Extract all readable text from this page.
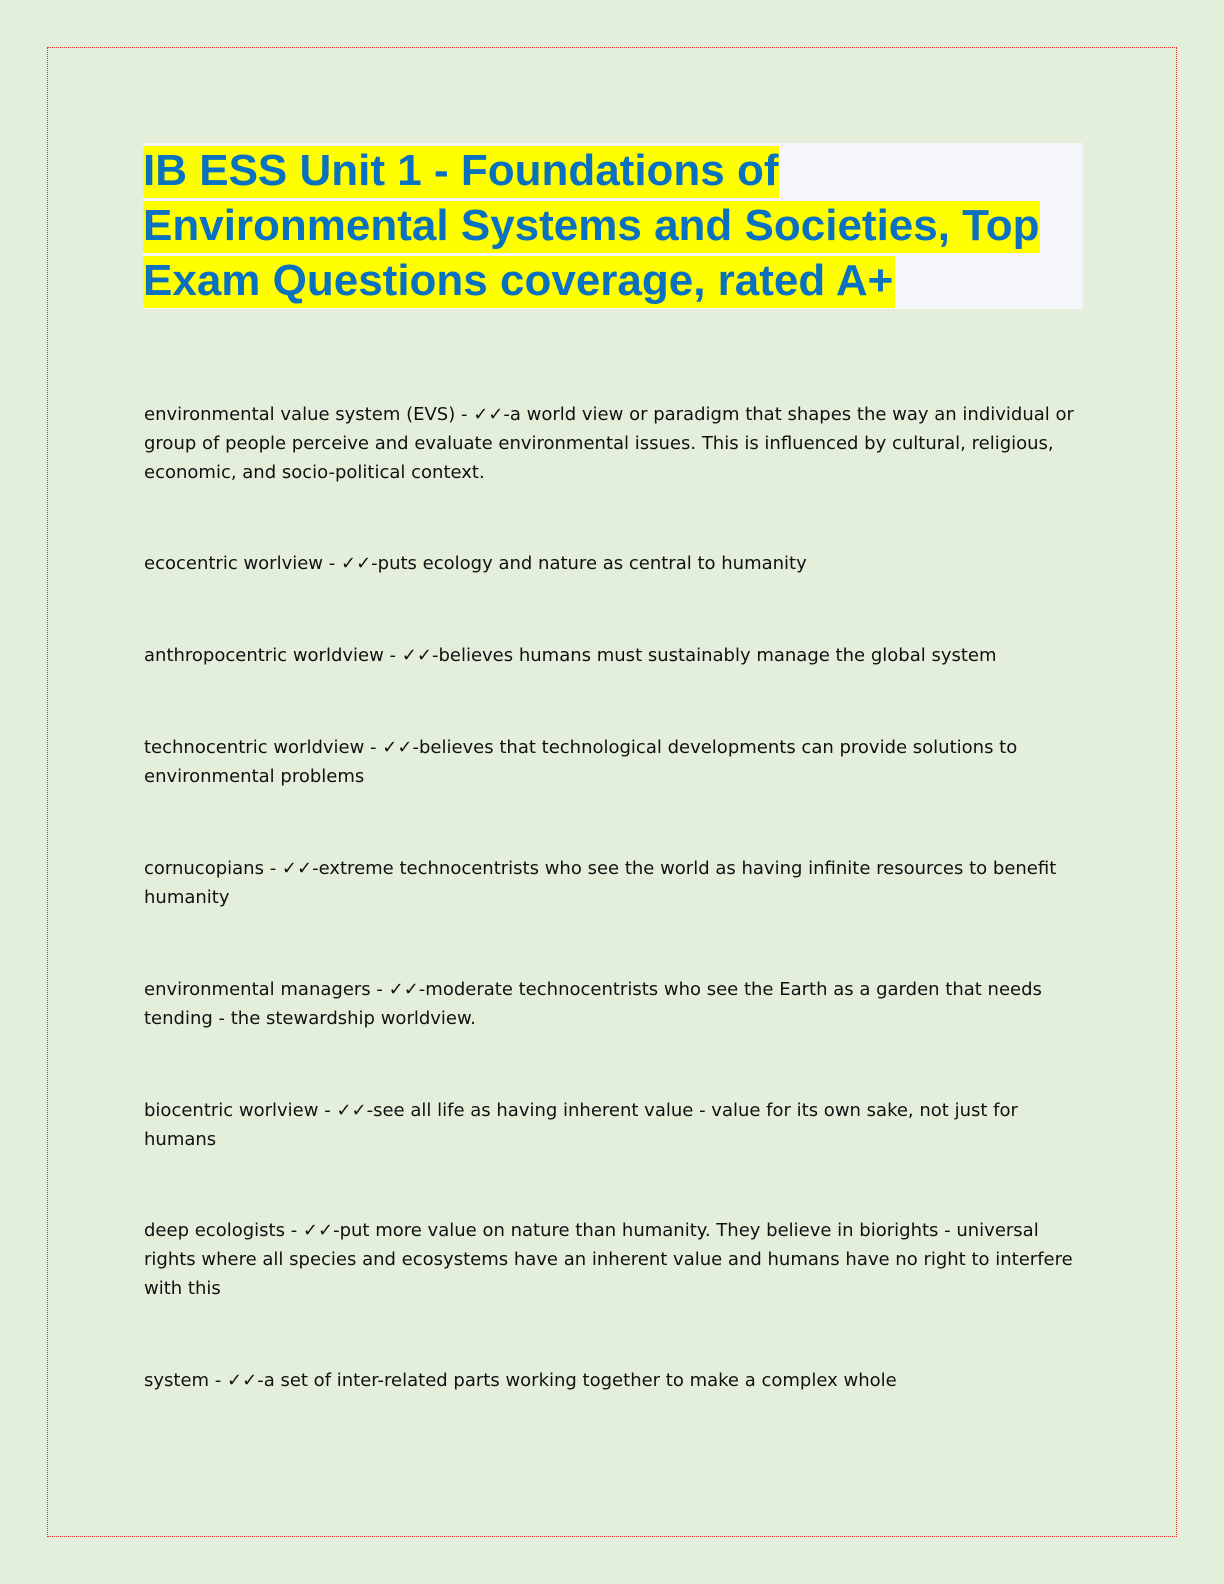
IB ESS Unit 1 - Foundations of Environmental Systems and Societies, Top Exam Questions coverage, rated A+

environmental value system (EVS) - ✓✓-a world view or paradigm that shapes the way an individual or group of people perceive and evaluate environmental issues. This is influenced by cultural, religious, economic, and socio-political context.

ecocentric worlview - ✓✓-puts ecology and nature as central to humanity

anthropocentric worldview - ✓✓-believes humans must sustainably manage the global system

technocentric worldview - ✓✓-believes that technological developments can provide solutions to environmental problems

cornucopians - ✓✓-extreme technocentrists who see the world as having infinite resources to benefit humanity

environmental managers - ✓✓-moderate technocentrists who see the Earth as a garden that needs tending - the stewardship worldview.

biocentric worlview - ✓✓-see all life as having inherent value - value for its own sake, not just for humans

deep ecologists - ✓✓-put more value on nature than humanity. They believe in biorights - universal rights where all species and ecosystems have an inherent value and humans have no right to interfere with this

system - ✓✓-a set of inter-related parts working together to make a complex whole
